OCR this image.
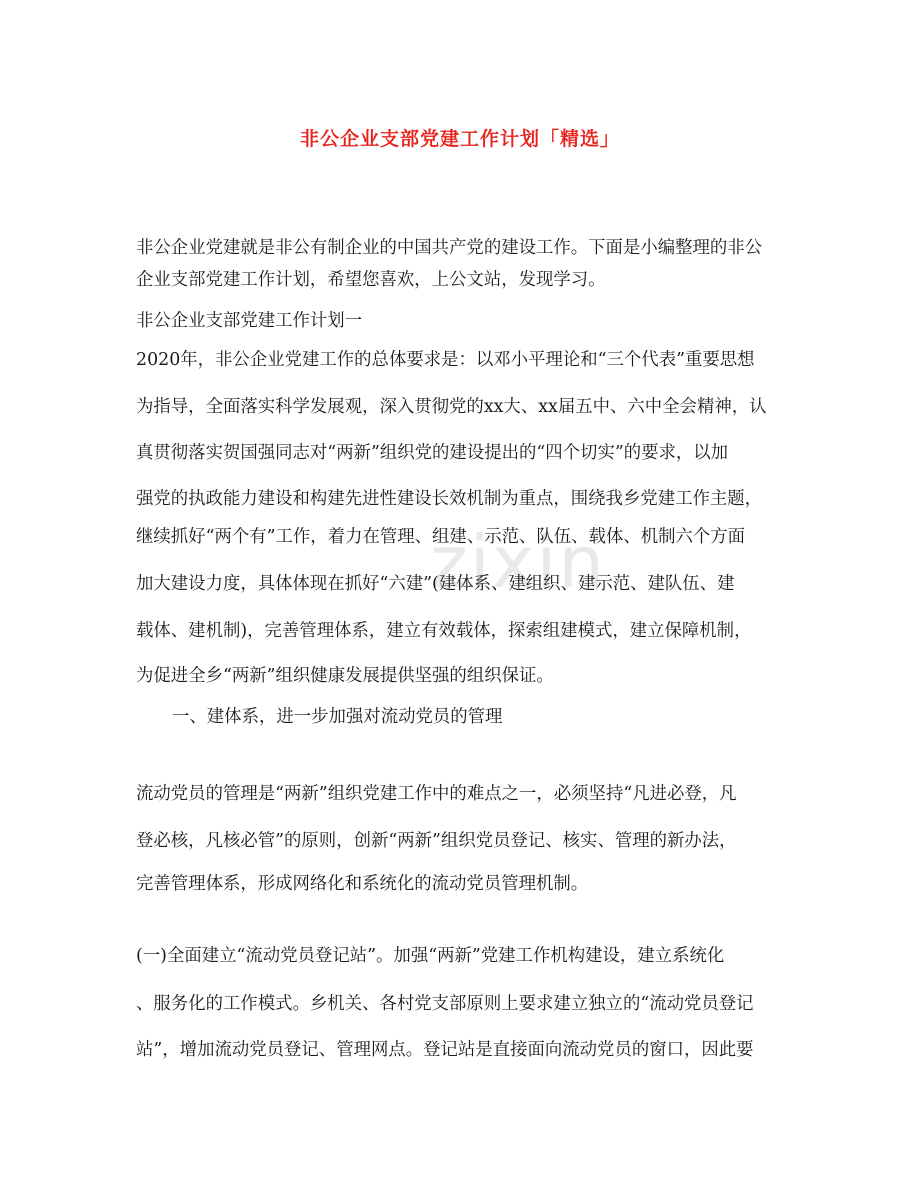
zixin
非公企业支部党建工作计划「精选」
非公企业党建就是非公有制企业的中国共产党的建设工作。下面是小编整理的非公
企业支部党建工作计划，希望您喜欢，上公文站，发现学习。
非公企业支部党建工作计划一
2020年，非公企业党建工作的总体要求是：以邓小平理论和“三个代表”重要思想
为指导，全面落实科学发展观，深入贯彻党的xx大、xx届五中、六中全会精神，认
真贯彻落实贺国强同志对“两新”组织党的建设提出的“四个切实”的要求，以加
强党的执政能力建设和构建先进性建设长效机制为重点，围绕我乡党建工作主题，
继续抓好“两个有”工作，着力在管理、组建、示范、队伍、载体、机制六个方面
加大建设力度，具体体现在抓好“六建”(建体系、建组织、建示范、建队伍、建
载体、建机制)，完善管理体系，建立有效载体，探索组建模式，建立保障机制，
为促进全乡“两新”组织健康发展提供坚强的组织保证。
一、建体系，进一步加强对流动党员的管理
流动党员的管理是“两新”组织党建工作中的难点之一，必须坚持“凡进必登，凡
登必核，凡核必管”的原则，创新“两新”组织党员登记、核实、管理的新办法，
完善管理体系，形成网络化和系统化的流动党员管理机制。
(一)全面建立“流动党员登记站”。加强“两新”党建工作机构建设，建立系统化
、服务化的工作模式。乡机关、各村党支部原则上要求建立独立的“流动党员登记
站”，增加流动党员登记、管理网点。登记站是直接面向流动党员的窗口，因此要
